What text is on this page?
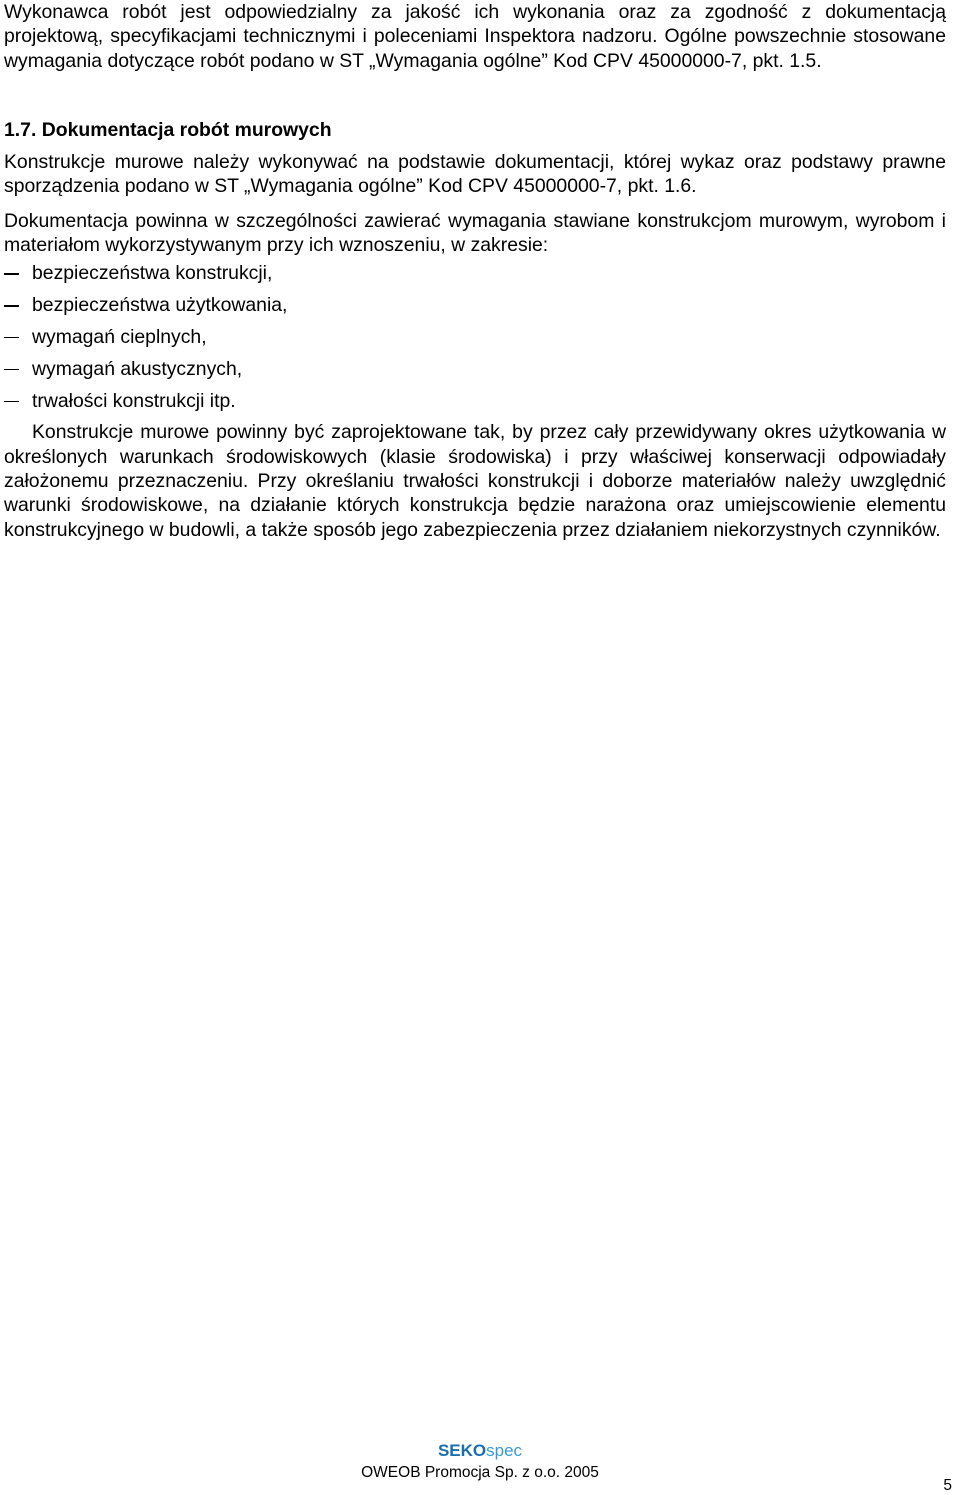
Wykonawca robót jest odpowiedzialny za jakość ich wykonania oraz za zgodność z dokumentacją projektową, specyfikacjami technicznymi i poleceniami Inspektora nadzoru. Ogólne powszechnie stosowane wymagania dotyczące robót podano w ST „Wymagania ogólne” Kod CPV 45000000-7, pkt. 1.5.

1.7. Dokumentacja robót murowych

Konstrukcje murowe należy wykonywać na podstawie dokumentacji, której wykaz oraz podstawy prawne sporządzenia podano w ST „Wymagania ogólne” Kod CPV 45000000-7, pkt. 1.6.

Dokumentacja powinna w szczególności zawierać wymagania stawiane konstrukcjom murowym, wyrobom i materiałom wykorzystywanym przy ich wznoszeniu, w zakresie:

bezpieczeństwa konstrukcji,
bezpieczeństwa użytkowania,
wymagań cieplnych,
wymagań akustycznych,
trwałości konstrukcji itp.

Konstrukcje murowe powinny być zaprojektowane tak, by przez cały przewidywany okres użytkowania w określonych warunkach środowiskowych (klasie środowiska) i przy właściwej konserwacji odpowiadały założonemu przeznaczeniu. Przy określaniu trwałości konstrukcji i doborze materiałów należy uwzględnić warunki środowiskowe, na działanie których konstrukcja będzie narażona oraz umiejscowienie elementu konstrukcyjnego w budowli, a także sposób jego zabezpieczenia przez działaniem niekorzystnych czynników.

SEKOspec
OWEOB Promocja Sp. z o.o. 2005
5
